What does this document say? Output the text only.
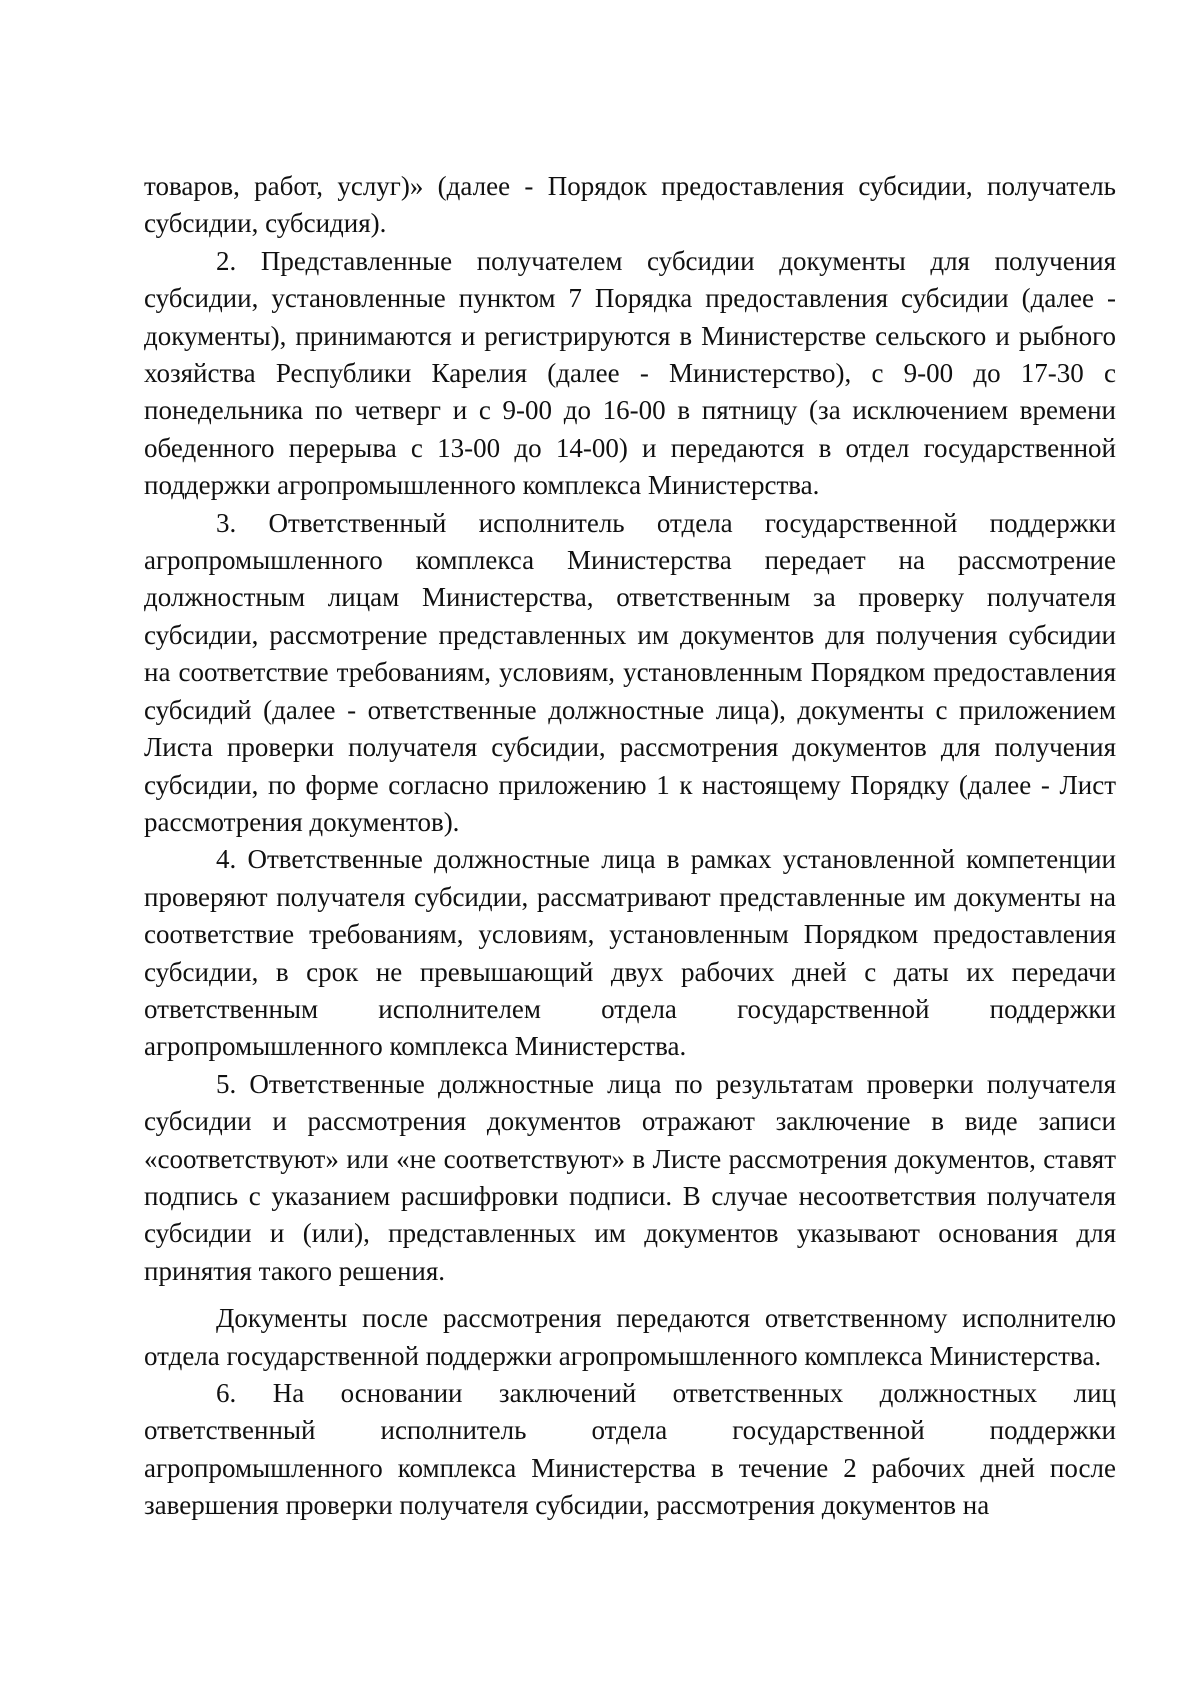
товаров, работ, услуг)» (далее - Порядок предоставления субсидии, получатель субсидии, субсидия).

2. Представленные получателем субсидии документы для получения субсидии, установленные пунктом 7 Порядка предоставления субсидии (далее - документы), принимаются и регистрируются в Министерстве сельского и рыбного хозяйства Республики Карелия (далее - Министерство), с 9-00 до 17-30 с понедельника по четверг и с 9-00 до 16-00 в пятницу (за исключением времени обеденного перерыва с 13-00 до 14-00) и передаются в отдел государственной поддержки агропромышленного комплекса Министерства.

3. Ответственный исполнитель отдела государственной поддержки агропромышленного комплекса Министерства передает на рассмотрение должностным лицам Министерства, ответственным за проверку получателя субсидии, рассмотрение представленных им документов для получения субсидии на соответствие требованиям, условиям, установленным Порядком предоставления субсидий (далее - ответственные должностные лица), документы с приложением Листа проверки получателя субсидии, рассмотрения документов для получения субсидии, по форме согласно приложению 1 к настоящему Порядку (далее - Лист рассмотрения документов).

4. Ответственные должностные лица в рамках установленной компетенции проверяют получателя субсидии, рассматривают представленные им документы на соответствие требованиям, условиям, установленным Порядком предоставления субсидии, в срок не превышающий двух рабочих дней с даты их передачи ответственным исполнителем отдела государственной поддержки агропромышленного комплекса Министерства.

5. Ответственные должностные лица по результатам проверки получателя субсидии и рассмотрения документов отражают заключение в виде записи «соответствуют» или «не соответствуют» в Листе рассмотрения документов, ставят подпись с указанием расшифровки подписи. В случае несоответствия получателя субсидии и (или), представленных им документов указывают основания для принятия такого решения.

Документы после рассмотрения передаются ответственному исполнителю отдела государственной поддержки агропромышленного комплекса Министерства.

6. На основании заключений ответственных должностных лиц ответственный исполнитель отдела государственной поддержки агропромышленного комплекса Министерства в течение 2 рабочих дней после завершения проверки получателя субсидии, рассмотрения документов на
